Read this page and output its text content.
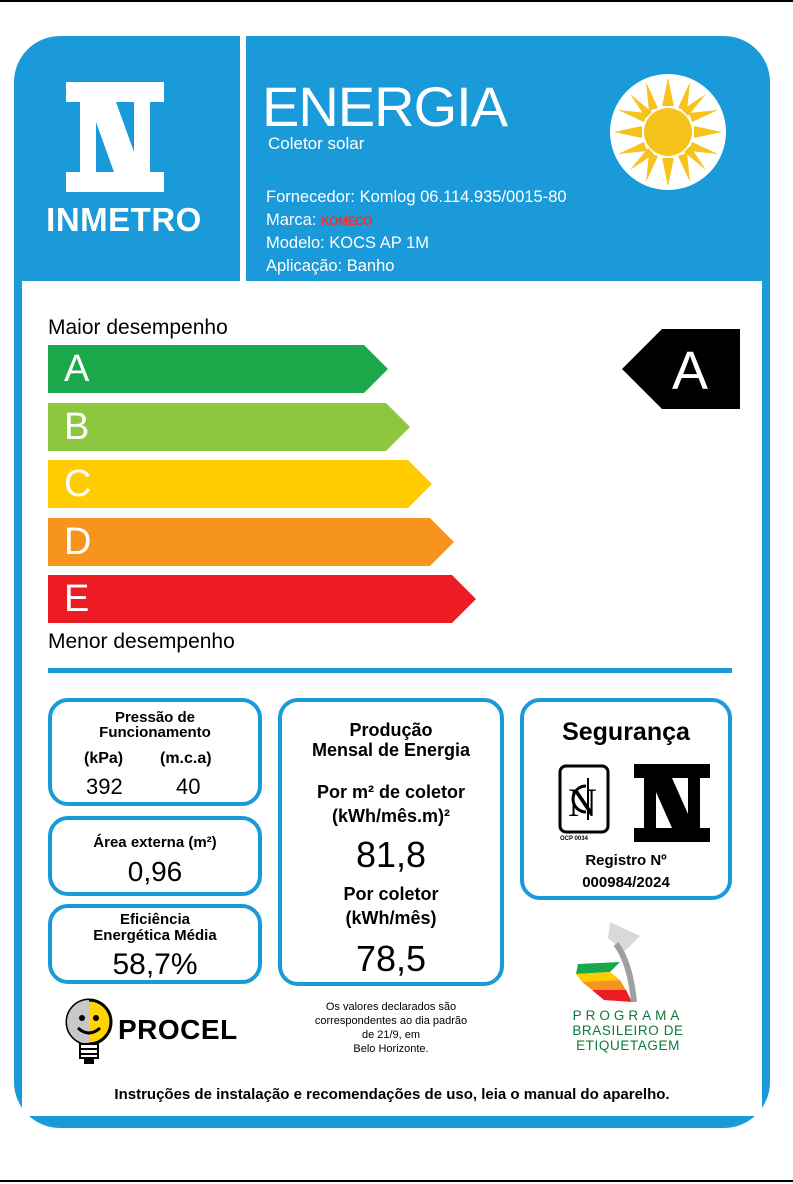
INMETRO
ENERGIA
Coletor solar
Fornecedor: Komlog 06.114.935/0015-80
Marca: KOMECO
Modelo: KOCS AP 1M
Aplicação: Banho
Maior desempenho
A
B
C
D
E
Menor desempenho
A
Pressão de
Funcionamento
(kPa) (m.c.a)
392 40
Área externa (m²)
0,96
Eficiência
Energética Média
58,7%
Produção
Mensal de Energia
Por m² de coletor
(kWh/mês.m)²
81,8
Por coletor
(kWh/mês)
78,5
Segurança
N
OCP 0034
Registro Nº
000984/2024
Os valores declarados são
correspondentes ao dia padrão
de 21/9, em
Belo Horizonte.
PROCEL	PROGRAMA
BRASILEIRO DE
ETIQUETAGEM
Instruções de instalação e recomendações de uso, leia o manual do aparelho.
